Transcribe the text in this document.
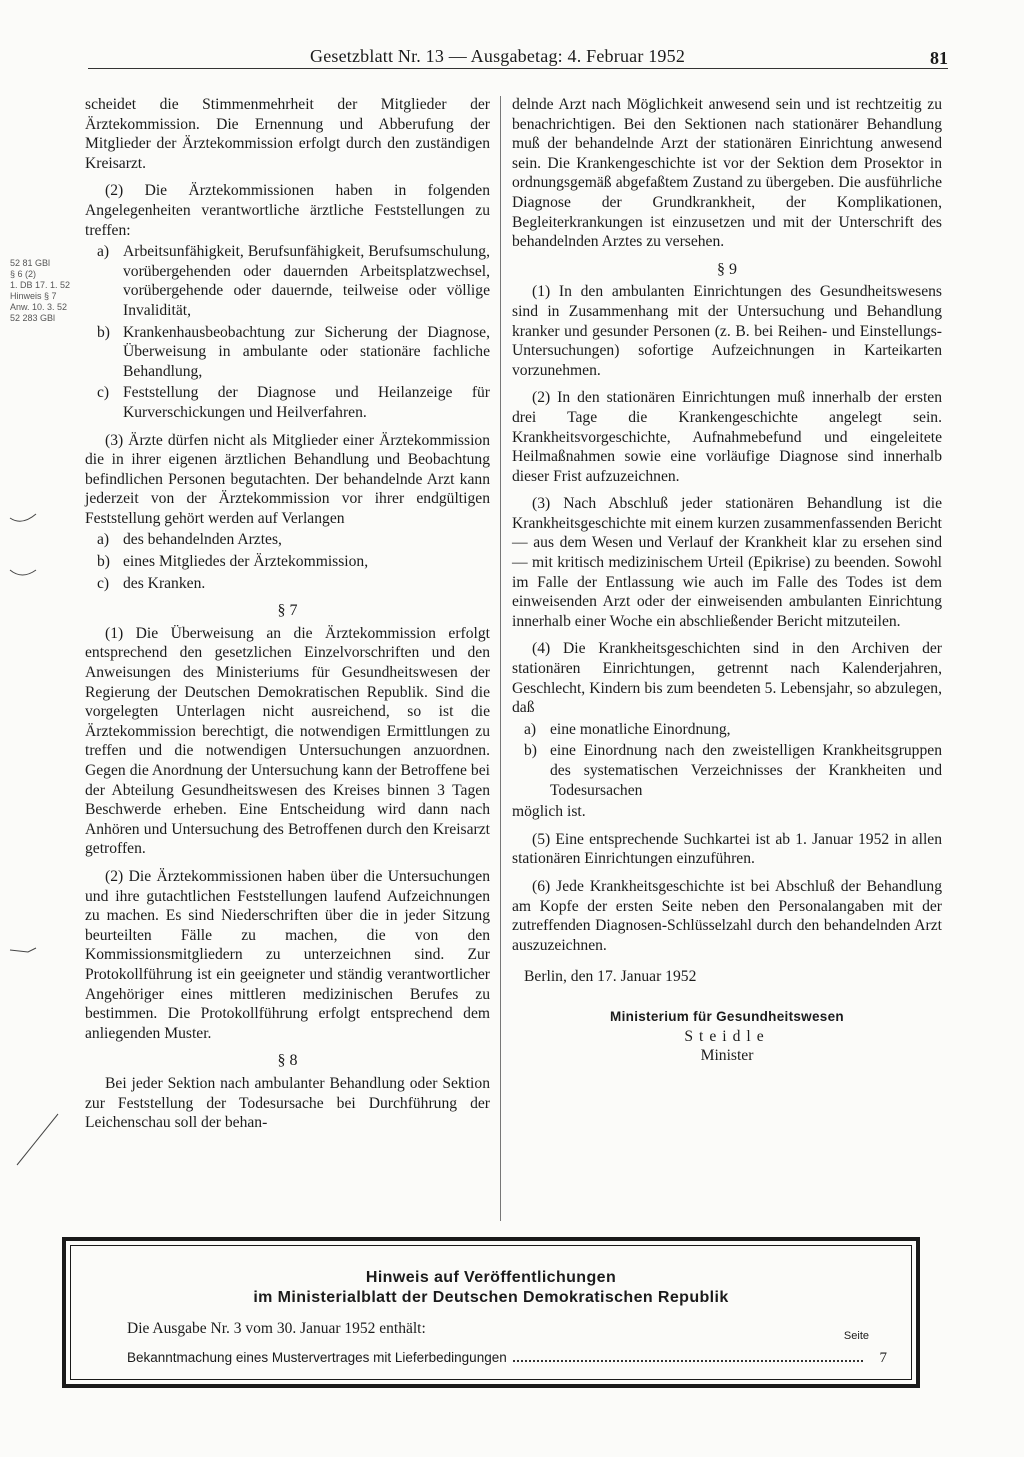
Gesetzblatt Nr. 13 — Ausgabetag: 4. Februar 1952	81
52 81 GBl
§ 6 (2)
1. DB 17. 1. 52
Hinweis § 7
Anw. 10. 3. 52
52 283 GBl

scheidet die Stimmenmehrheit der Mitglieder der Ärztekommission. Die Ernennung und Abberufung der Mitglieder der Ärztekommission erfolgt durch den zuständigen Kreisarzt.

(2) Die Ärztekommissionen haben in folgenden Angelegenheiten verantwortliche ärztliche Feststellungen zu treffen:

a) Arbeitsunfähigkeit, Berufsunfähigkeit, Berufsumschulung, vorübergehenden oder dauernden Arbeitsplatzwechsel, vorübergehende oder dauernde, teilweise oder völlige Invalidität,
b) Krankenhausbeobachtung zur Sicherung der Diagnose, Überweisung in ambulante oder stationäre fachliche Behandlung,
c) Feststellung der Diagnose und Heilanzeige für Kurverschickungen und Heilverfahren.

(3) Ärzte dürfen nicht als Mitglieder einer Ärztekommission die in ihrer eigenen ärztlichen Behandlung und Beobachtung befindlichen Personen begutachten. Der behandelnde Arzt kann jederzeit von der Ärztekommission vor ihrer endgültigen Feststellung gehört werden auf Verlangen

a) des behandelnden Arztes,
b) eines Mitgliedes der Ärztekommission,
c) des Kranken.
§ 7

(1) Die Überweisung an die Ärztekommission erfolgt entsprechend den gesetzlichen Einzelvorschriften und den Anweisungen des Ministeriums für Gesundheitswesen der Regierung der Deutschen Demokratischen Republik. Sind die vorgelegten Unterlagen nicht ausreichend, so ist die Ärztekommission berechtigt, die notwendigen Ermittlungen zu treffen und die notwendigen Untersuchungen anzuordnen. Gegen die Anordnung der Untersuchung kann der Betroffene bei der Abteilung Gesundheitswesen des Kreises binnen 3 Tagen Beschwerde erheben. Eine Entscheidung wird dann nach Anhören und Untersuchung des Betroffenen durch den Kreisarzt getroffen.

(2) Die Ärztekommissionen haben über die Untersuchungen und ihre gutachtlichen Feststellungen laufend Aufzeichnungen zu machen. Es sind Niederschriften über die in jeder Sitzung beurteilten Fälle zu machen, die von den Kommissionsmitgliedern zu unterzeichnen sind. Zur Protokollführung ist ein geeigneter und ständig verantwortlicher Angehöriger eines mittleren medizinischen Berufes zu bestimmen. Die Protokollführung erfolgt entsprechend dem anliegenden Muster.

§ 8

Bei jeder Sektion nach ambulanter Behandlung oder Sektion zur Feststellung der Todesursache bei Durchführung der Leichenschau soll der behan-

delnde Arzt nach Möglichkeit anwesend sein und ist rechtzeitig zu benachrichtigen. Bei den Sektionen nach stationärer Behandlung muß der behandelnde Arzt der stationären Einrichtung anwesend sein. Die Krankengeschichte ist vor der Sektion dem Prosektor in ordnungsgemäß abgefaßtem Zustand zu übergeben. Die ausführliche Diagnose der Grundkrankheit, der Komplikationen, Begleiterkrankungen ist einzusetzen und mit der Unterschrift des behandelnden Arztes zu versehen.

§ 9

(1) In den ambulanten Einrichtungen des Gesundheitswesens sind in Zusammenhang mit der Untersuchung und Behandlung kranker und gesunder Personen (z. B. bei Reihen- und Einstellungs-Untersuchungen) sofortige Aufzeichnungen in Karteikarten vorzunehmen.

(2) In den stationären Einrichtungen muß innerhalb der ersten drei Tage die Krankengeschichte angelegt sein. Krankheitsvorgeschichte, Aufnahmebefund und eingeleitete Heilmaßnahmen sowie eine vorläufige Diagnose sind innerhalb dieser Frist aufzuzeichnen.

(3) Nach Abschluß jeder stationären Behandlung ist die Krankheitsgeschichte mit einem kurzen zusammenfassenden Bericht — aus dem Wesen und Verlauf der Krankheit klar zu ersehen sind — mit kritisch medizinischem Urteil (Epikrise) zu beenden. Sowohl im Falle der Entlassung wie auch im Falle des Todes ist dem einweisenden Arzt oder der einweisenden ambulanten Einrichtung innerhalb einer Woche ein abschließender Bericht mitzuteilen.

(4) Die Krankheitsgeschichten sind in den Archiven der stationären Einrichtungen, getrennt nach Kalenderjahren, Geschlecht, Kindern bis zum beendeten 5. Lebensjahr, so abzulegen, daß

a) eine monatliche Einordnung,
b) eine Einordnung nach den zweistelligen Krankheitsgruppen des systematischen Verzeichnisses der Krankheiten und Todesursachen

möglich ist.

(5) Eine entsprechende Suchkartei ist ab 1. Januar 1952 in allen stationären Einrichtungen einzuführen.

(6) Jede Krankheitsgeschichte ist bei Abschluß der Behandlung am Kopfe der ersten Seite neben den Personalangaben mit der zutreffenden Diagnosen-Schlüsselzahl durch den behandelnden Arzt auszuzeichnen.

Berlin, den 17. Januar 1952
Ministerium für Gesundheitswesen
Steidle
Minister
Hinweis auf Veröffentlichungen
im Ministerialblatt der Deutschen Demokratischen Republik
Die Ausgabe Nr. 3 vom 30. Januar 1952 enthält:	Seite
Bekanntmachung eines Mustervertrages mit Lieferbedingungen	7
